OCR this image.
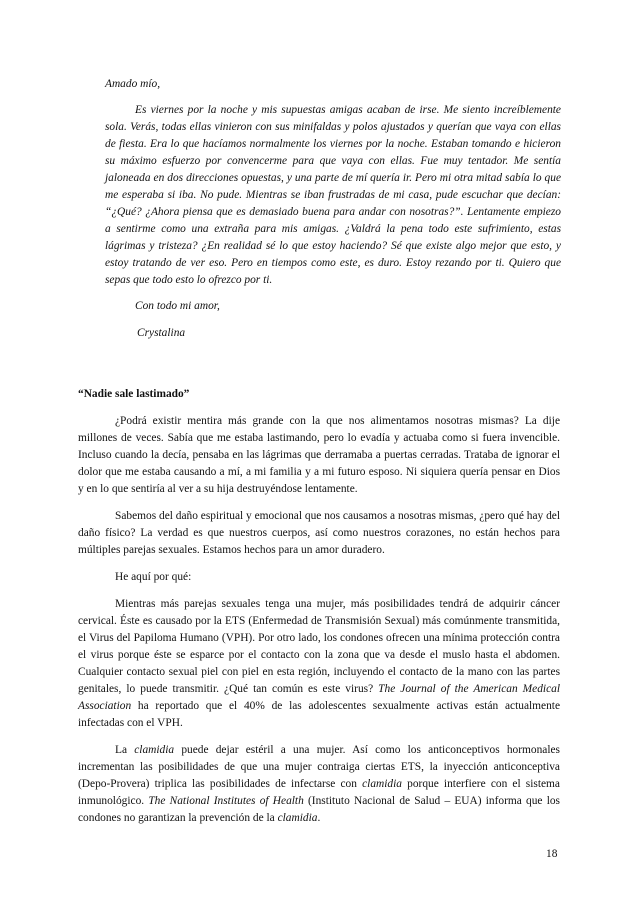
Amado mío,

Es viernes por la noche y mis supuestas amigas acaban de irse. Me siento increíblemente sola. Verás, todas ellas vinieron con sus minifaldas y polos ajustados y querían que vaya con ellas de fiesta. Era lo que hacíamos normalmente los viernes por la noche. Estaban tomando e hicieron su máximo esfuerzo por convencerme para que vaya con ellas. Fue muy tentador. Me sentía jaloneada en dos direcciones opuestas, y una parte de mí quería ir. Pero mi otra mitad sabía lo que me esperaba si iba. No pude. Mientras se iban frustradas de mi casa, pude escuchar que decían: “¿Qué? ¿Ahora piensa que es demasiado buena para andar con nosotras?”. Lentamente empiezo a sentirme como una extraña para mis amigas. ¿Valdrá la pena todo este sufrimiento, estas lágrimas y tristeza? ¿En realidad sé lo que estoy haciendo? Sé que existe algo mejor que esto, y estoy tratando de ver eso. Pero en tiempos como este, es duro. Estoy rezando por ti. Quiero que sepas que todo esto lo ofrezco por ti.

Con todo mi amor,

Crystalina

“Nadie sale lastimado”

¿Podrá existir mentira más grande con la que nos alimentamos nosotras mismas? La dije millones de veces. Sabía que me estaba lastimando, pero lo evadía y actuaba como si fuera invencible. Incluso cuando la decía, pensaba en las lágrimas que derramaba a puertas cerradas. Trataba de ignorar el dolor que me estaba causando a mí, a mi familia y a mi futuro esposo. Ni siquiera quería pensar en Dios y en lo que sentiría al ver a su hija destruyéndose lentamente.

Sabemos del daño espiritual y emocional que nos causamos a nosotras mismas, ¿pero qué hay del daño físico? La verdad es que nuestros cuerpos, así como nuestros corazones, no están hechos para múltiples parejas sexuales. Estamos hechos para un amor duradero.

He aquí por qué:

Mientras más parejas sexuales tenga una mujer, más posibilidades tendrá de adquirir cáncer cervical. Éste es causado por la ETS (Enfermedad de Transmisión Sexual) más comúnmente transmitida, el Virus del Papiloma Humano (VPH). Por otro lado, los condones ofrecen una mínima protección contra el virus porque éste se esparce por el contacto con la zona que va desde el muslo hasta el abdomen. Cualquier contacto sexual piel con piel en esta región, incluyendo el contacto de la mano con las partes genitales, lo puede transmitir. ¿Qué tan común es este virus? The Journal of the American Medical Association ha reportado que el 40% de las adolescentes sexualmente activas están actualmente infectadas con el VPH.

La clamidia puede dejar estéril a una mujer. Así como los anticonceptivos hormonales incrementan las posibilidades de que una mujer contraiga ciertas ETS, la inyección anticonceptiva (Depo-Provera) triplica las posibilidades de infectarse con clamidia porque interfiere con el sistema inmunológico. The National Institutes of Health (Instituto Nacional de Salud – EUA) informa que los condones no garantizan la prevención de la clamidia.

18
